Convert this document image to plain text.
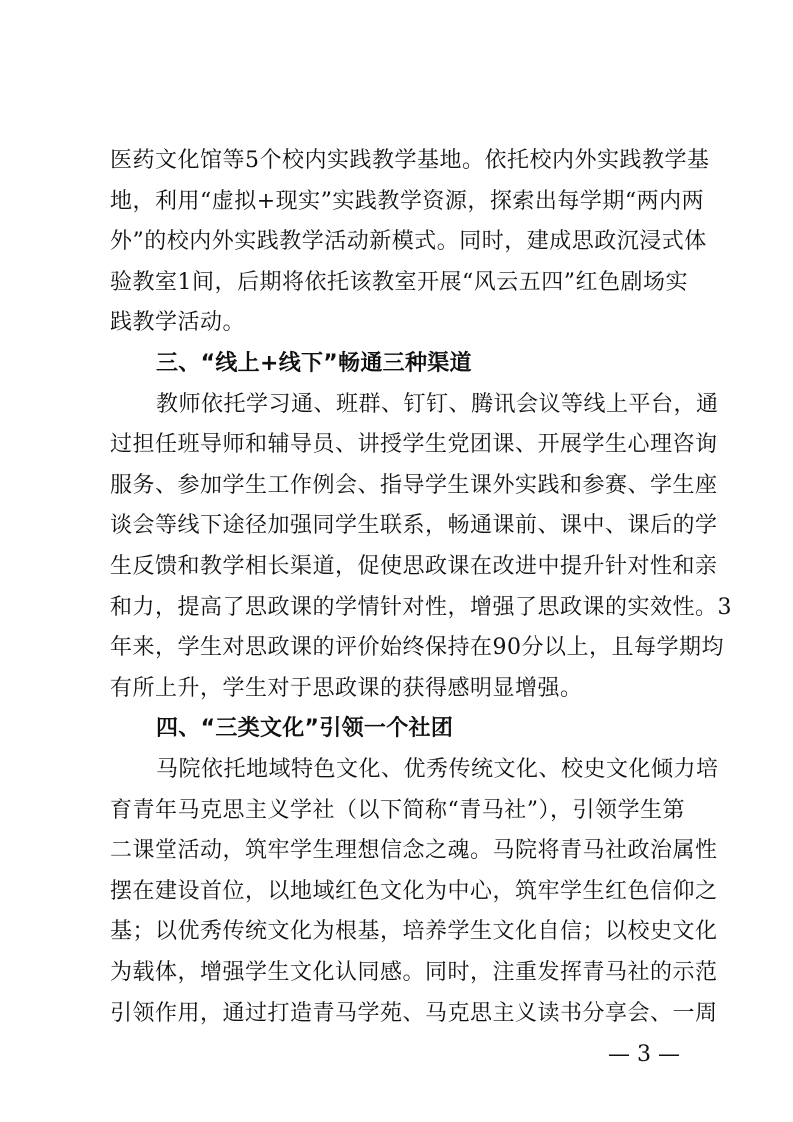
医药文化馆等5个校内实践教学基地。依托校内外实践教学基
地，利用“虚拟+现实”实践教学资源，探索出每学期“两内两
外”的校内外实践教学活动新模式。同时，建成思政沉浸式体
验教室1间，后期将依托该教室开展“风云五四”红色剧场实
践教学活动。
三、“线上+线下”畅通三种渠道
教师依托学习通、班群、钉钉、腾讯会议等线上平台，通
过担任班导师和辅导员、讲授学生党团课、开展学生心理咨询
服务、参加学生工作例会、指导学生课外实践和参赛、学生座
谈会等线下途径加强同学生联系，畅通课前、课中、课后的学
生反馈和教学相长渠道，促使思政课在改进中提升针对性和亲
和力，提高了思政课的学情针对性，增强了思政课的实效性。3
年来，学生对思政课的评价始终保持在90分以上，且每学期均
有所上升，学生对于思政课的获得感明显增强。
四、“三类文化”引领一个社团
马院依托地域特色文化、优秀传统文化、校史文化倾力培
育青年马克思主义学社（以下简称“青马社”），引领学生第
二课堂活动，筑牢学生理想信念之魂。马院将青马社政治属性
摆在建设首位，以地域红色文化为中心，筑牢学生红色信仰之
基；以优秀传统文化为根基，培养学生文化自信；以校史文化
为载体，增强学生文化认同感。同时，注重发挥青马社的示范
— 3 —
引领作用，通过打造青马学苑、马克思主义读书分享会、一周
